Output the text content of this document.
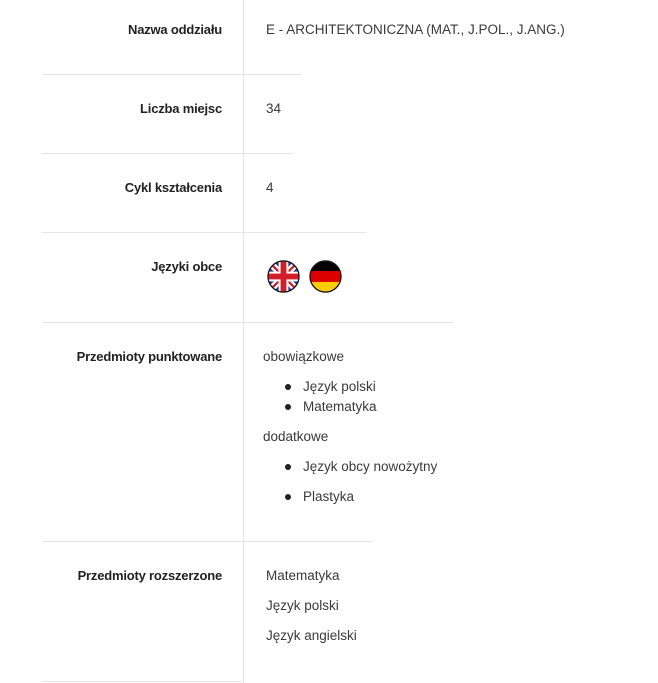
Nazwa oddziału	E - ARCHITEKTONICZNA (MAT., J.POL., J.ANG.)
Liczba miejsc	34
Cykl kształcenia	4
Języki obce
Przedmioty punktowane	obowiązkowe
Język polski
Matematyka
dodatkowe
Język obcy nowożytny
Plastyka
Przedmioty rozszerzone	Matematyka
Język polski
Język angielski
